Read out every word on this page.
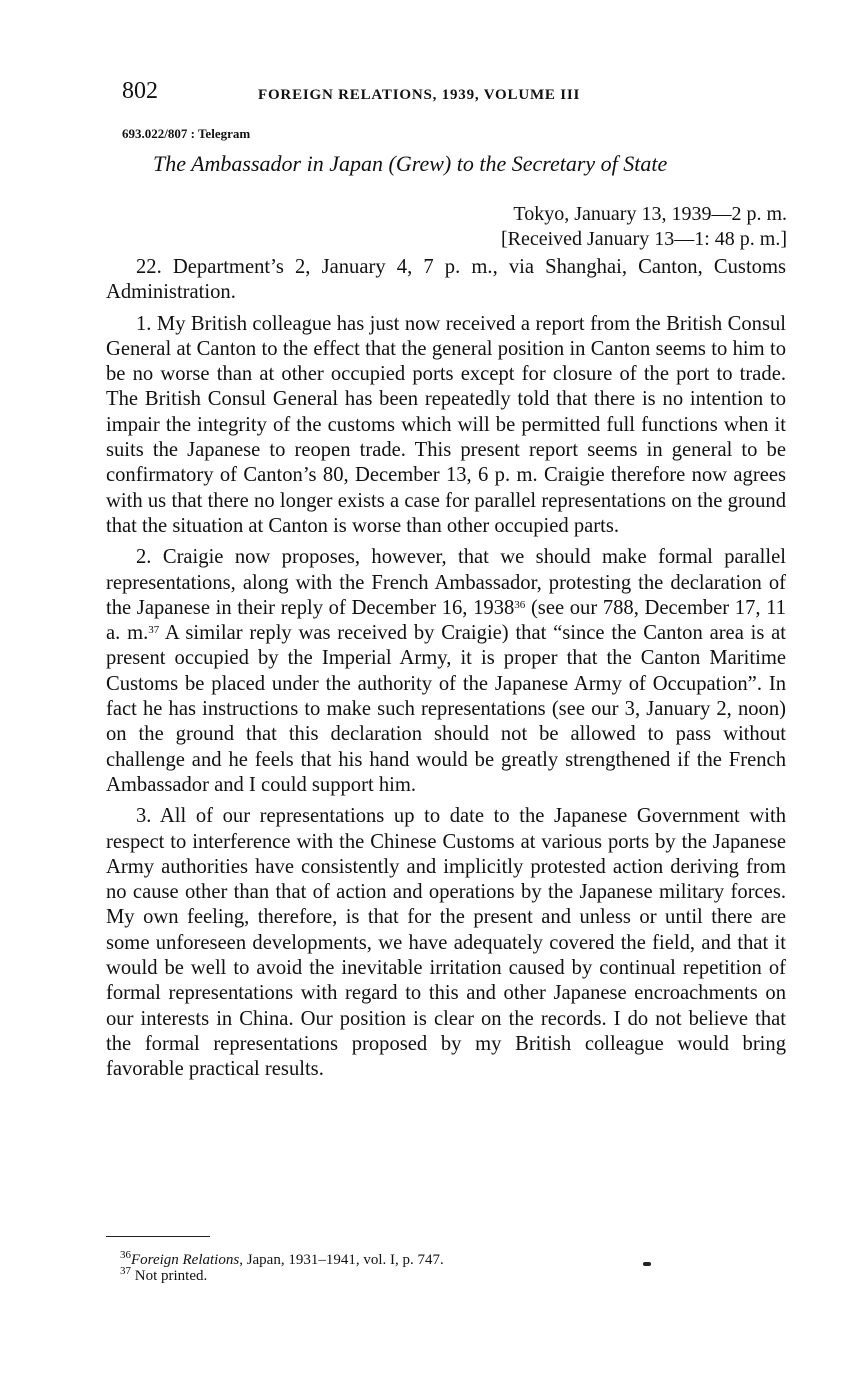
802	FOREIGN RELATIONS, 1939, VOLUME III
693.022/807 : Telegram
The Ambassador in Japan (Grew) to the Secretary of State
Tokyo, January 13, 1939—2 p. m.
[Received January 13—1: 48 p. m.]

22. Department’s 2, January 4, 7 p. m., via Shanghai, Canton, Customs Administration.

1. My British colleague has just now received a report from the British Consul General at Canton to the effect that the general position in Canton seems to him to be no worse than at other occupied ports except for closure of the port to trade. The British Consul General has been repeatedly told that there is no intention to impair the integrity of the customs which will be permitted full functions when it suits the Japanese to reopen trade. This present report seems in general to be confirmatory of Canton’s 80, December 13, 6 p. m. Craigie therefore now agrees with us that there no longer exists a case for parallel representations on the ground that the situation at Canton is worse than other occupied parts.

2. Craigie now proposes, however, that we should make formal parallel representations, along with the French Ambassador, protesting the declaration of the Japanese in their reply of December 16, 1938$^{36}$ (see our 788, December 17, 11 a. m.$^{37}$ A similar reply was received by Craigie) that “since the Canton area is at present occupied by the Imperial Army, it is proper that the Canton Maritime Customs be placed under the authority of the Japanese Army of Occupation”. In fact he has instructions to make such representations (see our 3, January 2, noon) on the ground that this declaration should not be allowed to pass without challenge and he feels that his hand would be greatly strengthened if the French Ambassador and I could support him.

3. All of our representations up to date to the Japanese Government with respect to interference with the Chinese Customs at various ports by the Japanese Army authorities have consistently and implicitly protested action deriving from no cause other than that of action and operations by the Japanese military forces. My own feeling, therefore, is that for the present and unless or until there are some unforeseen developments, we have adequately covered the field, and that it would be well to avoid the inevitable irritation caused by continual repetition of formal representations with regard to this and other Japanese encroachments on our interests in China. Our position is clear on the records. I do not believe that the formal representations proposed by my British colleague would bring favorable practical results.

$^{36}$Foreign Relations, Japan, 1931–1941, vol. I, p. 747.
$^{37}$ Not printed.
